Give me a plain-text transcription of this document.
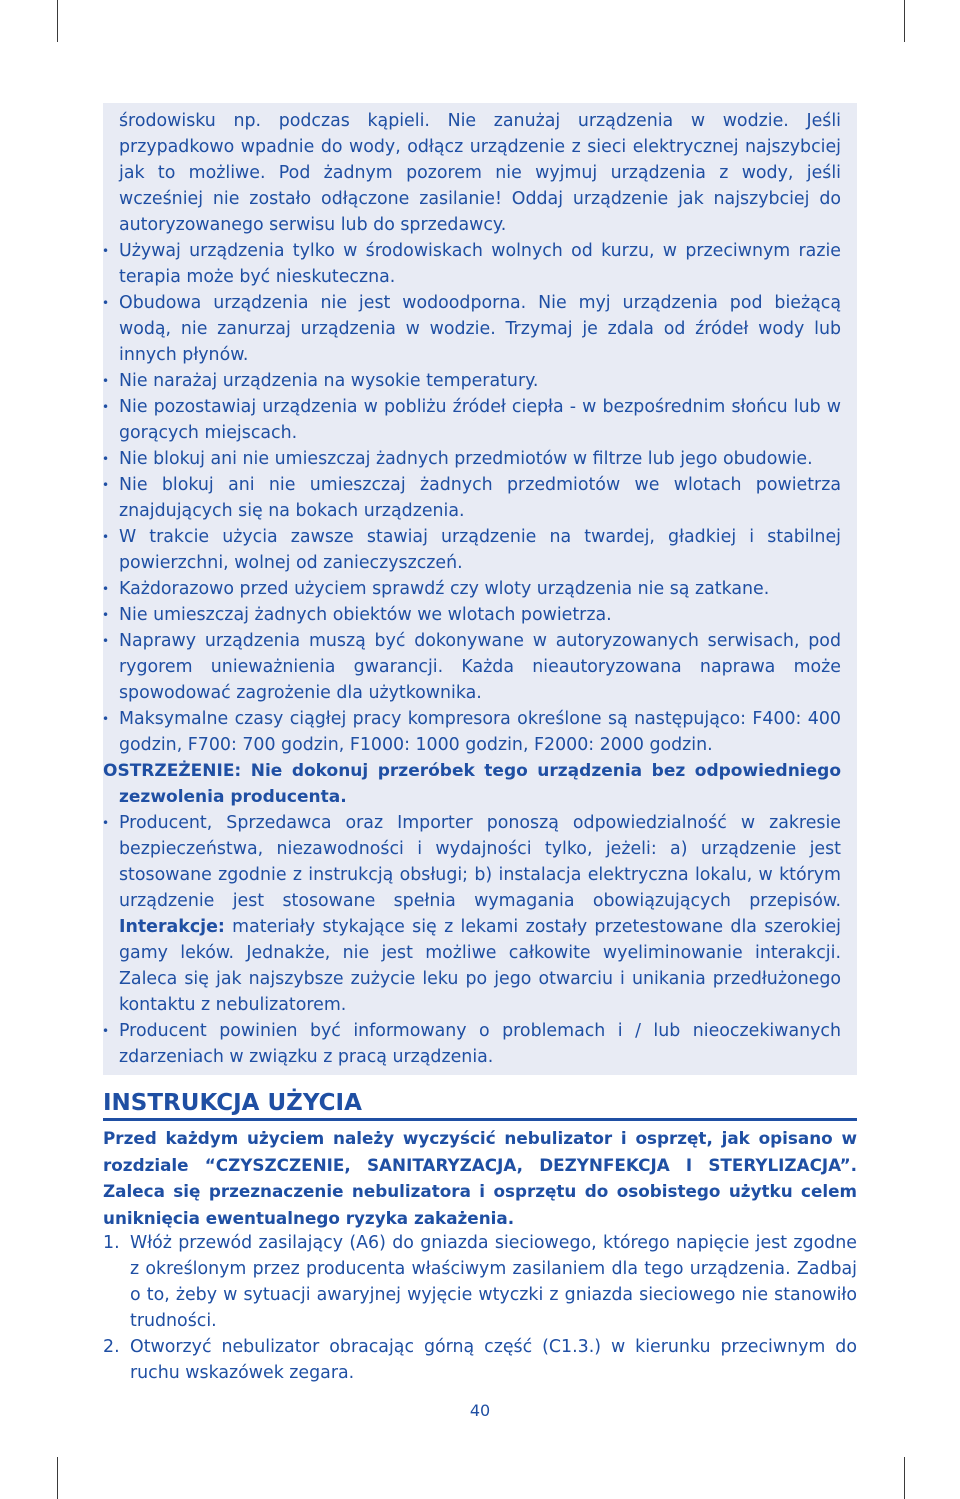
środowisku np. podczas kąpieli. Nie zanużaj urządzenia w wodzie. Jeśli przypadkowo wpadnie do wody, odłącz urządzenie z sieci elektrycznej najszybciej jak to możliwe. Pod żadnym pozorem nie wyjmuj urządzenia z wody, jeśli wcześniej nie zostało odłączone zasilanie! Oddaj urządzenie jak najszybciej do autoryzowanego serwisu lub do sprzedawcy.

• Używaj urządzenia tylko w środowiskach wolnych od kurzu, w przeciwnym razie terapia może być nieskuteczna.
• Obudowa urządzenia nie jest wodoodporna. Nie myj urządzenia pod bieżącą wodą, nie zanurzaj urządzenia w wodzie. Trzymaj je zdala od źródeł wody lub innych płynów.
• Nie narażaj urządzenia na wysokie temperatury.
• Nie pozostawiaj urządzenia w pobliżu źródeł ciepła - w bezpośrednim słońcu lub w gorących miejscach.
• Nie blokuj ani nie umieszczaj żadnych przedmiotów w filtrze lub jego obudowie.
• Nie blokuj ani nie umieszczaj żadnych przedmiotów we wlotach powietrza znajdujących się na bokach urządzenia.
• W trakcie użycia zawsze stawiaj urządzenie na twardej, gładkiej i stabilnej powierzchni, wolnej od zanieczyszczeń.
• Każdorazowo przed użyciem sprawdź czy wloty urządzenia nie są zatkane.
• Nie umieszczaj żadnych obiektów we wlotach powietrza.
• Naprawy urządzenia muszą być dokonywane w autoryzowanych serwisach, pod rygorem unieważnienia gwarancji. Każda nieautoryzowana naprawa może spowodować zagrożenie dla użytkownika.
• Maksymalne czasy ciągłej pracy kompresora określone są następująco: F400: 400 godzin, F700: 700 godzin, F1000: 1000 godzin, F2000: 2000 godzin.

OSTRZEŻENIE: Nie dokonuj przeróbek tego urządzenia bez odpowiedniego zezwolenia producenta.

• Producent, Sprzedawca oraz Importer ponoszą odpowiedzialność w zakresie bezpieczeństwa, niezawodności i wydajności tylko, jeżeli: a) urządzenie jest stosowane zgodnie z instrukcją obsługi; b) instalacja elektryczna lokalu, w którym urządzenie jest stosowane spełnia wymagania obowiązujących przepisów. Interakcje: materiały stykające się z lekami zostały przetestowane dla szerokiej gamy leków. Jednakże, nie jest możliwe całkowite wyeliminowanie interakcji. Zaleca się jak najszybsze zużycie leku po jego otwarciu i unikania przedłużonego kontaktu z nebulizatorem.
• Producent powinien być informowany o problemach i / lub nieoczekiwanych zdarzeniach w związku z pracą urządzenia.
INSTRUKCJA UŻYCIA
Przed każdym użyciem należy wyczyścić nebulizator i osprzęt, jak opisano w rozdziale “CZYSZCZENIE, SANITARYZACJA, DEZYNFEKCJA I STERYLIZACJA”. Zaleca się przeznaczenie nebulizatora i osprzętu do osobistego użytku celem uniknięcia ewentualnego ryzyka zakażenia.

1. Włóż przewód zasilający (A6) do gniazda sieciowego, którego napięcie jest zgodne z określonym przez producenta właściwym zasilaniem dla tego urządzenia. Zadbaj o to, żeby w sytuacji awaryjnej wyjęcie wtyczki z gniazda sieciowego nie stanowiło trudności.

2. Otworzyć nebulizator obracając górną część (C1.3.) w kierunku przeciwnym do ruchu wskazówek zegara.

40
